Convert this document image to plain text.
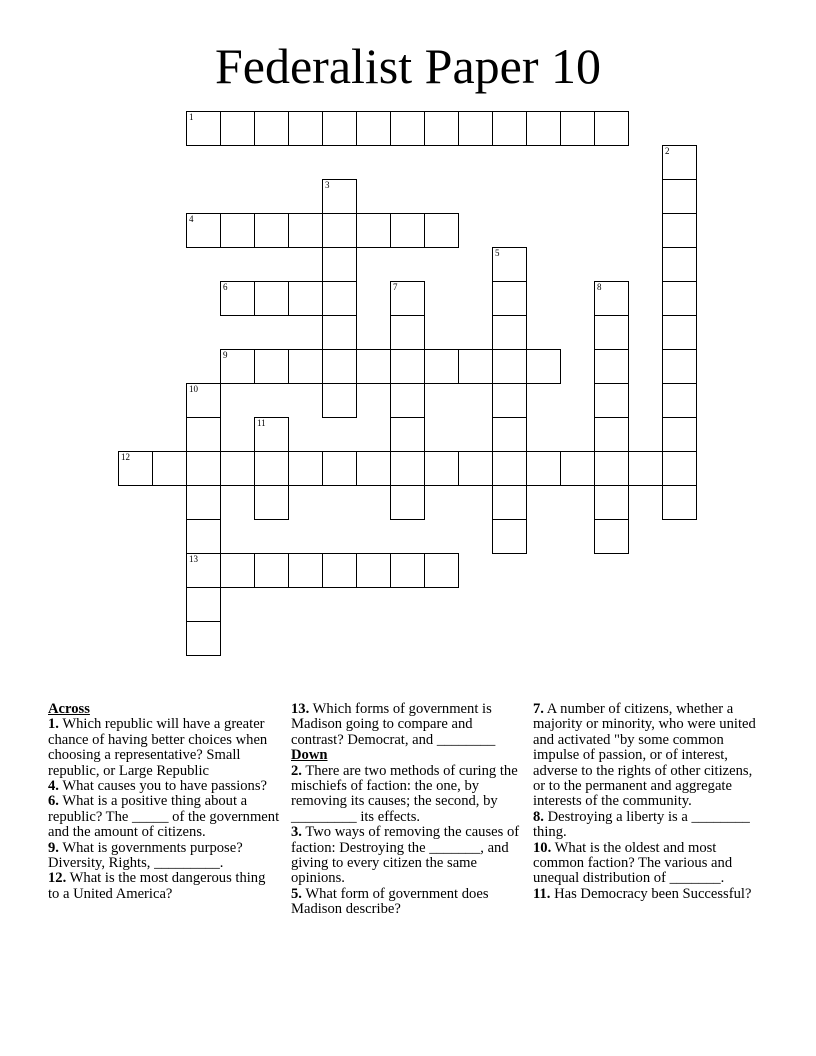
Federalist Paper 10
1
2
3
4
5
6	7	8
9
10
13
11
12
Across
1. Which republic will have a greater chance of having better choices when choosing a representative? Small republic, or Large Republic
4. What causes you to have passions?
6. What is a positive thing about a republic? The _____ of the government and the amount of citizens.
9. What is governments purpose? Diversity, Rights, _________.
12. What is the most dangerous thing to a United America?
13. Which forms of government is Madison going to compare and contrast? Democrat, and ________
Down
2. There are two methods of curing the mischiefs of faction: the one, by removing its causes; the second, by _________ its effects.
3. Two ways of removing the causes of faction: Destroying the _______, and giving to every citizen the same opinions.
5. What form of government does Madison describe?
7. A number of citizens, whether a majority or minority, who were united and activated "by some common impulse of passion, or of interest, adverse to the rights of other citizens, or to the permanent and aggregate interests of the community.
8. Destroying a liberty is a ________ thing.
10. What is the oldest and most common faction? The various and unequal distribution of _______.
11. Has Democracy been Successful?
